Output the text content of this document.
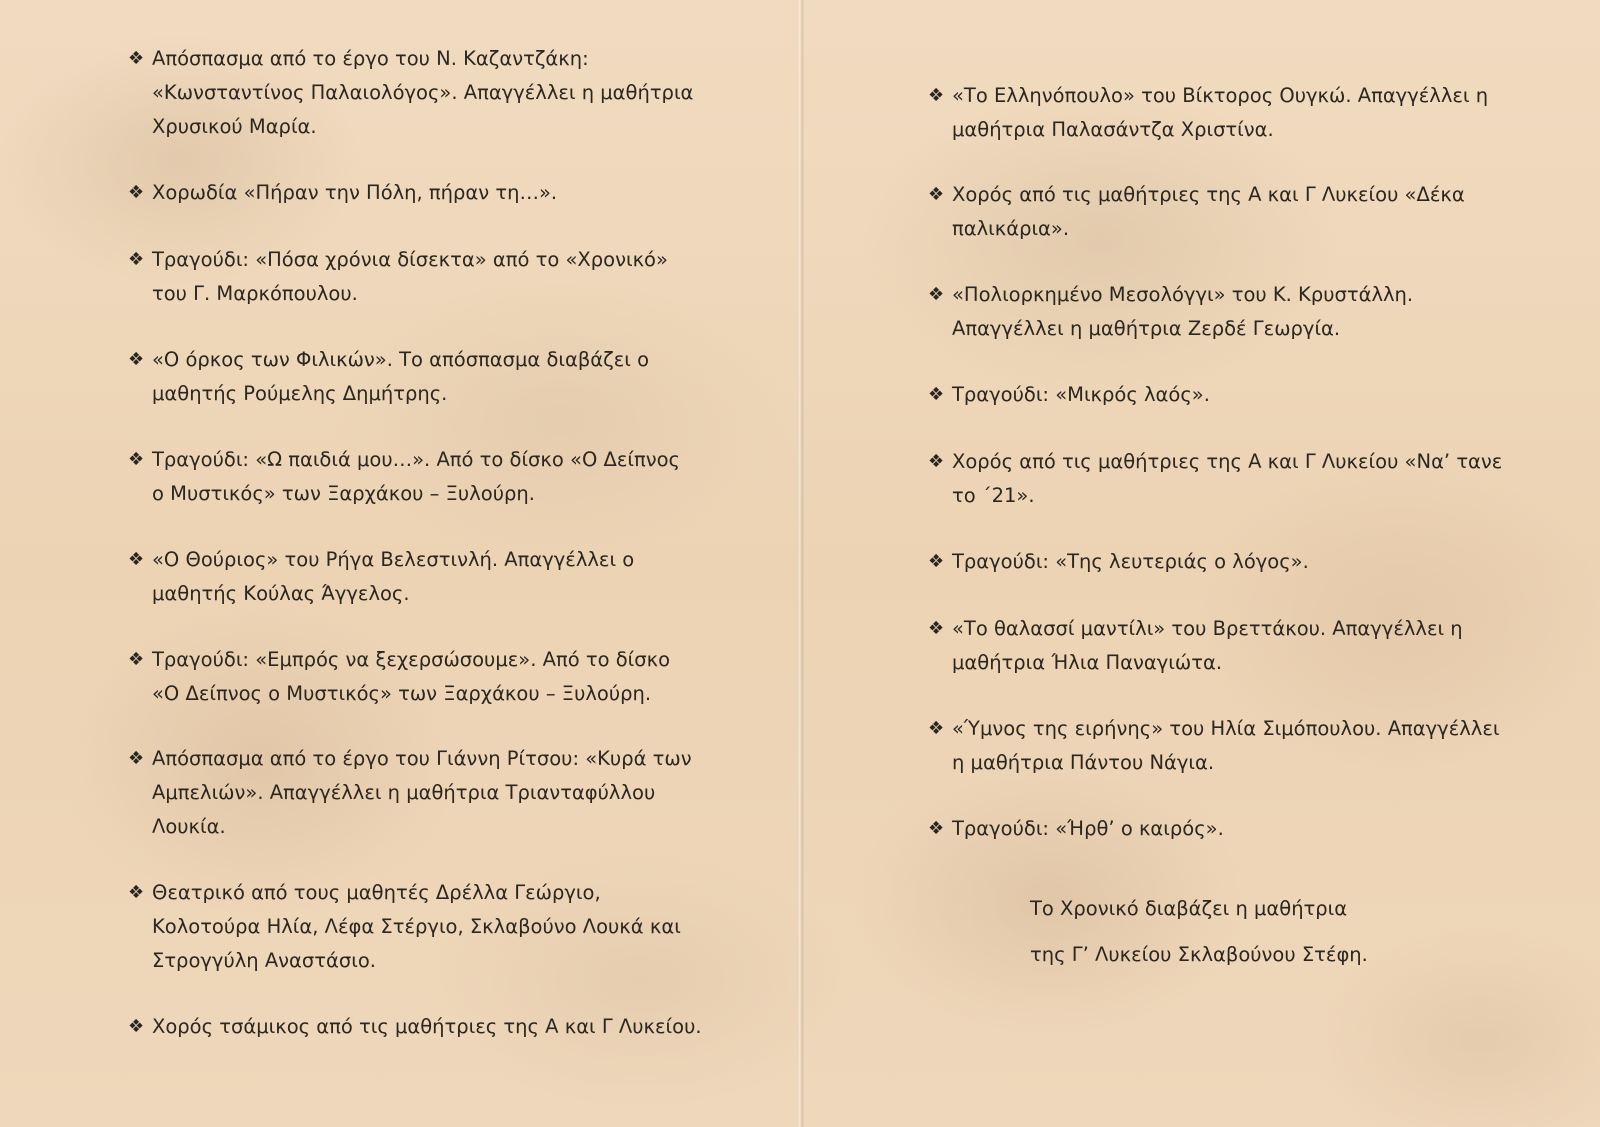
❖ Απόσπασμα από το έργο του Ν. Καζαντζάκη:
«Κωνσταντίνος Παλαιολόγος». Απαγγέλλει η μαθήτρια
Χρυσικού Μαρία.
❖ Χορωδία «Πήραν την Πόλη, πήραν τη…».
❖ Τραγούδι: «Πόσα χρόνια δίσεκτα» από το «Χρονικό»
του Γ. Μαρκόπουλου.
❖ «Ο όρκος των Φιλικών». Το απόσπασμα διαβάζει ο
μαθητής Ρούμελης Δημήτρης.
❖ Τραγούδι: «Ω παιδιά μου…». Από το δίσκο «Ο Δείπνος
ο Μυστικός» των Ξαρχάκου – Ξυλούρη.
❖ «Ο Θούριος» του Ρήγα Βελεστινλή. Απαγγέλλει ο
μαθητής Κούλας Άγγελος.
❖ Τραγούδι: «Εμπρός να ξεχερσώσουμε». Από το δίσκο
«Ο Δείπνος ο Μυστικός» των Ξαρχάκου – Ξυλούρη.
❖ Απόσπασμα από το έργο του Γιάννη Ρίτσου: «Κυρά των
Αμπελιών». Απαγγέλλει η μαθήτρια Τριανταφύλλου
Λουκία.
❖ Θεατρικό από τους μαθητές Δρέλλα Γεώργιο,
Κολοτούρα Ηλία, Λέφα Στέργιο, Σκλαβούνο Λουκά και
Στρογγύλη Αναστάσιο.
❖ Χορός τσάμικος από τις μαθήτριες της Α και Γ Λυκείου.
❖ «Το Ελληνόπουλο» του Βίκτορος Ουγκώ. Απαγγέλλει η
μαθήτρια Παλασάντζα Χριστίνα.
❖ Χορός από τις μαθήτριες της Α και Γ Λυκείου «Δέκα
παλικάρια».
❖ «Πολιορκημένο Μεσολόγγι» του Κ. Κρυστάλλη.
Απαγγέλλει η μαθήτρια Ζερδέ Γεωργία.
❖ Τραγούδι: «Μικρός λαός».
❖ Χορός από τις μαθήτριες της Α και Γ Λυκείου «Να’ τανε
το ΄21».
❖ Τραγούδι: «Της λευτεριάς ο λόγος».
❖ «Το θαλασσί μαντίλι» του Βρεττάκου. Απαγγέλλει η
μαθήτρια Ήλια Παναγιώτα.
❖ «Ύμνος της ειρήνης» του Ηλία Σιμόπουλου. Απαγγέλλει
η μαθήτρια Πάντου Νάγια.
❖ Τραγούδι: «Ήρθ’ ο καιρός».
Το Χρονικό διαβάζει η μαθήτρια
της Γ’ Λυκείου Σκλαβούνου Στέφη.
